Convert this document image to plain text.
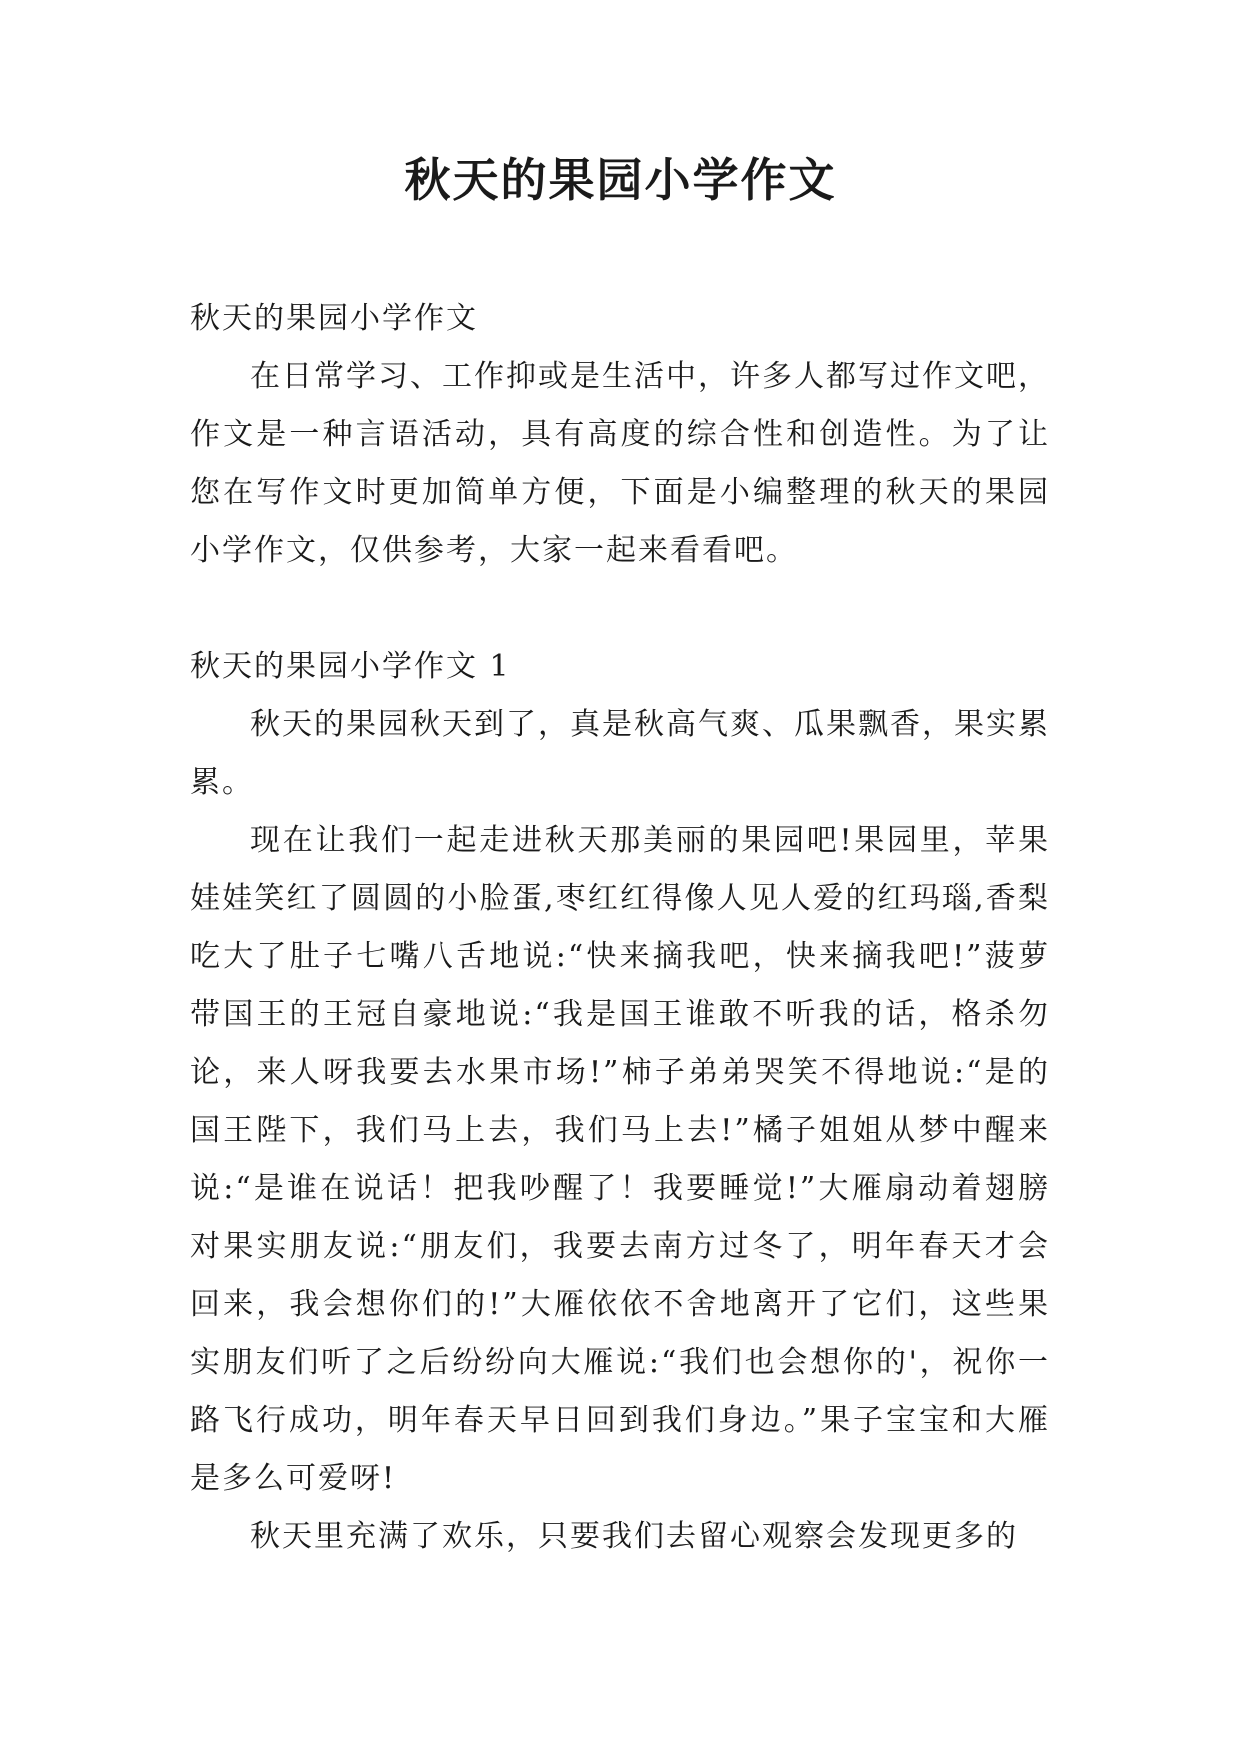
秋天的果园小学作文

秋天的果园小学作文

在日常学习、工作抑或是生活中，许多人都写过作文吧，作文是一种言语活动，具有高度的综合性和创造性。为了让您在写作文时更加简单方便，下面是小编整理的秋天的果园小学作文，仅供参考，大家一起来看看吧。

秋天的果园小学作文 1

秋天的果园秋天到了，真是秋高气爽、瓜果飘香，果实累累。

现在让我们一起走进秋天那美丽的果园吧!果园里，苹果娃娃笑红了圆圆的小脸蛋,枣红红得像人见人爱的红玛瑙,香梨吃大了肚子七嘴八舌地说:“快来摘我吧，快来摘我吧!”菠萝带国王的王冠自豪地说:“我是国王谁敢不听我的话，格杀勿论，来人呀我要去水果市场!”柿子弟弟哭笑不得地说:“是的国王陛下，我们马上去，我们马上去!”橘子姐姐从梦中醒来说:“是谁在说话！把我吵醒了！我要睡觉!”大雁扇动着翅膀对果实朋友说:“朋友们，我要去南方过冬了，明年春天才会回来，我会想你们的!”大雁依依不舍地离开了它们，这些果实朋友们听了之后纷纷向大雁说:“我们也会想你的'，祝你一路飞行成功，明年春天早日回到我们身边。”果子宝宝和大雁是多么可爱呀!

秋天里充满了欢乐，只要我们去留心观察会发现更多的
